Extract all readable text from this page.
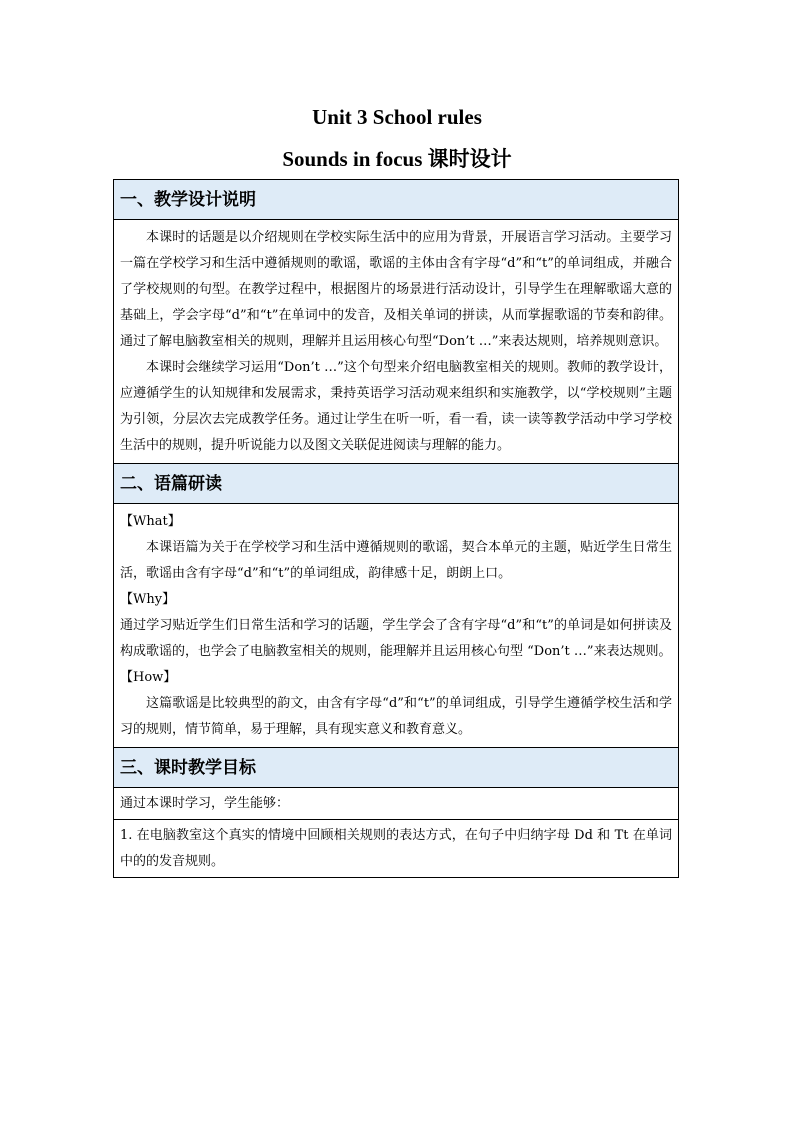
Unit 3 School rules
Sounds in focus 课时设计
一、教学设计说明

本课时的话题是以介绍规则在学校实际生活中的应用为背景，开展语言学习活动。主要学习一篇在学校学习和生活中遵循规则的歌谣，歌谣的主体由含有字母“d”和“t”的单词组成，并融合了学校规则的句型。在教学过程中，根据图片的场景进行活动设计，引导学生在理解歌谣大意的基础上，学会字母“d”和“t”在单词中的发音，及相关单词的拼读，从而掌握歌谣的节奏和韵律。通过了解电脑教室相关的规则，理解并且运用核心句型“Don’t …”来表达规则，培养规则意识。

本课时会继续学习运用“Don’t …”这个句型来介绍电脑教室相关的规则。教师的教学设计，应遵循学生的认知规律和发展需求，秉持英语学习活动观来组织和实施教学，以“学校规则”主题为引领，分层次去完成教学任务。通过让学生在听一听，看一看，读一读等教学活动中学习学校生活中的规则，提升听说能力以及图文关联促进阅读与理解的能力。

二、语篇研读

【What】

本课语篇为关于在学校学习和生活中遵循规则的歌谣，契合本单元的主题，贴近学生日常生活，歌谣由含有字母“d”和“t”的单词组成，韵律感十足，朗朗上口。

【Why】

通过学习贴近学生们日常生活和学习的话题，学生学会了含有字母“d”和“t”的单词是如何拼读及构成歌谣的，也学会了电脑教室相关的规则，能理解并且运用核心句型 “Don’t …”来表达规则。

【How】

这篇歌谣是比较典型的韵文，由含有字母“d”和“t”的单词组成，引导学生遵循学校生活和学习的规则，情节简单，易于理解，具有现实意义和教育意义。

三、课时教学目标

通过本课时学习，学生能够：

1. 在电脑教室这个真实的情境中回顾相关规则的表达方式，在句子中归纳字母 Dd 和 Tt 在单词中的的发音规则。
